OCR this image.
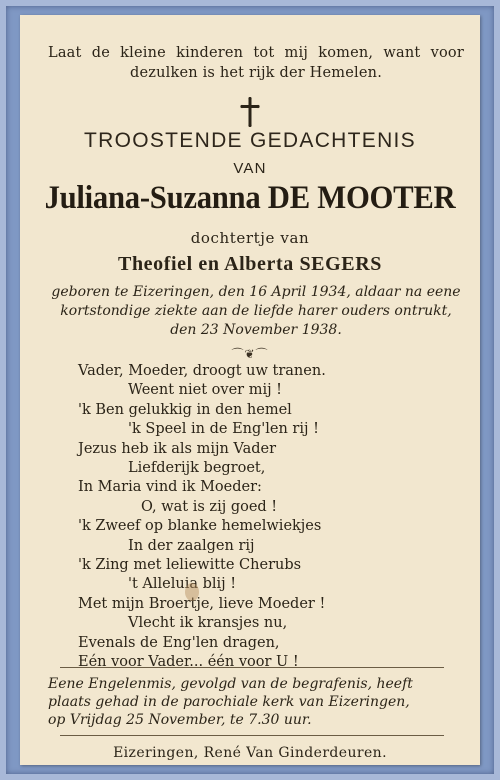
Laat de kleine kinderen tot mij komen, want voor dezulken is het rijk der Hemelen.
TROOSTENDE GEDACHTENIS
VAN
Juliana-Suzanna DE MOOTER
dochtertje van
Theofiel en Alberta SEGERS
geboren te Eizeringen, den 16 April 1934, aldaar na eene kortstondige ziekte aan de liefde harer ouders ontrukt, den 23 November 1938.
⌒❦⌒
Vader, Moeder, droogt uw tranen.
Weent niet over mij !
'k Ben gelukkig in den hemel
'k Speel in de Eng'len rij !
Jezus heb ik als mijn Vader
Liefderijk begroet,
In Maria vind ik Moeder:
O, wat is zij goed !
'k Zweef op blanke hemelwiekjes
In der zaalgen rij
'k Zing met leliewitte Cherubs
't Alleluia blij !
Met mijn Broertje, lieve Moeder !
Vlecht ik kransjes nu,
Evenals de Eng'len dragen,
Eén voor Vader... één voor U !
Eene Engelenmis, gevolgd van de begrafenis, heeft
plaats gehad in de parochiale kerk van Eizeringen,
op Vrijdag 25 November, te 7.30 uur.
Eizeringen, René Van Ginderdeuren.
